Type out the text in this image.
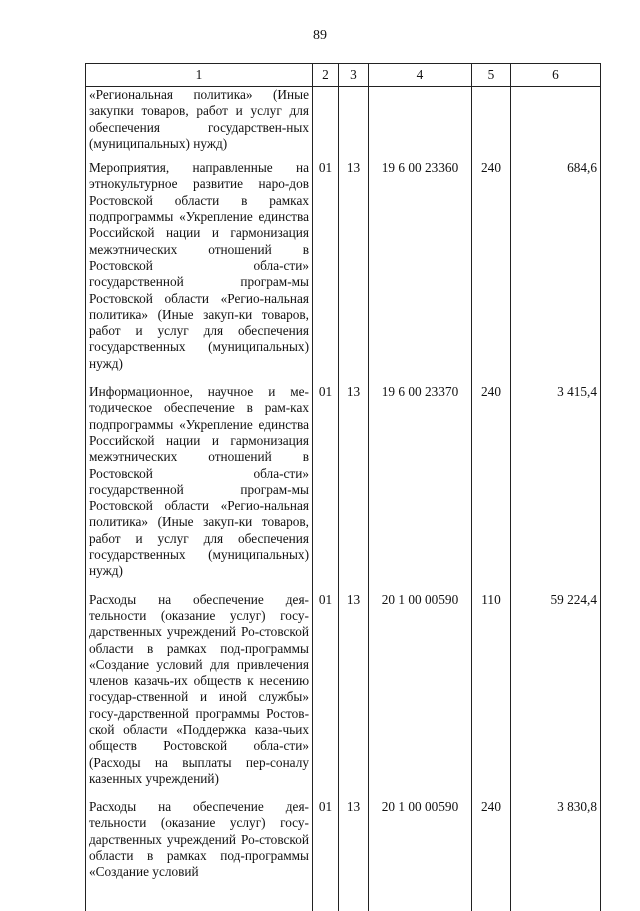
89
1	2	3	4	5	6
«Региональная политика» (Иные закупки товаров, работ и услуг для обеспечения государствен-ных (муниципальных) нужд)					
Мероприятия, направленные на этнокультурное развитие наро-дов Ростовской области в рамках подпрограммы «Укрепление единства Российской нации и гармонизация межэтнических отношений в Ростовской обла-сти» государственной програм-мы Ростовской области «Регио-нальная политика» (Иные закуп-ки товаров, работ и услуг для обеспечения государственных (муниципальных) нужд)	01	13	19 6 00 23360	240	684,6
Информационное, научное и ме-тодическое обеспечение в рам-ках подпрограммы «Укрепление единства Российской нации и гармонизация межэтнических отношений в Ростовской обла-сти» государственной програм-мы Ростовской области «Регио-нальная политика» (Иные закуп-ки товаров, работ и услуг для обеспечения государственных (муниципальных) нужд)	01	13	19 6 00 23370	240	3 415,4
Расходы на обеспечение дея-тельности (оказание услуг) госу-дарственных учреждений Ро-стовской области в рамках под-программы «Создание условий для привлечения членов казачь-их обществ к несению государ-ственной и иной службы» госу-дарственной программы Ростов-ской области «Поддержка каза-чьих обществ Ростовской обла-сти» (Расходы на выплаты пер-соналу казенных учреждений)	01	13	20 1 00 00590	110	59 224,4
Расходы на обеспечение дея-тельности (оказание услуг) госу-дарственных учреждений Ро-стовской области в рамках под-программы «Создание условий	01	13	20 1 00 00590	240	3 830,8
